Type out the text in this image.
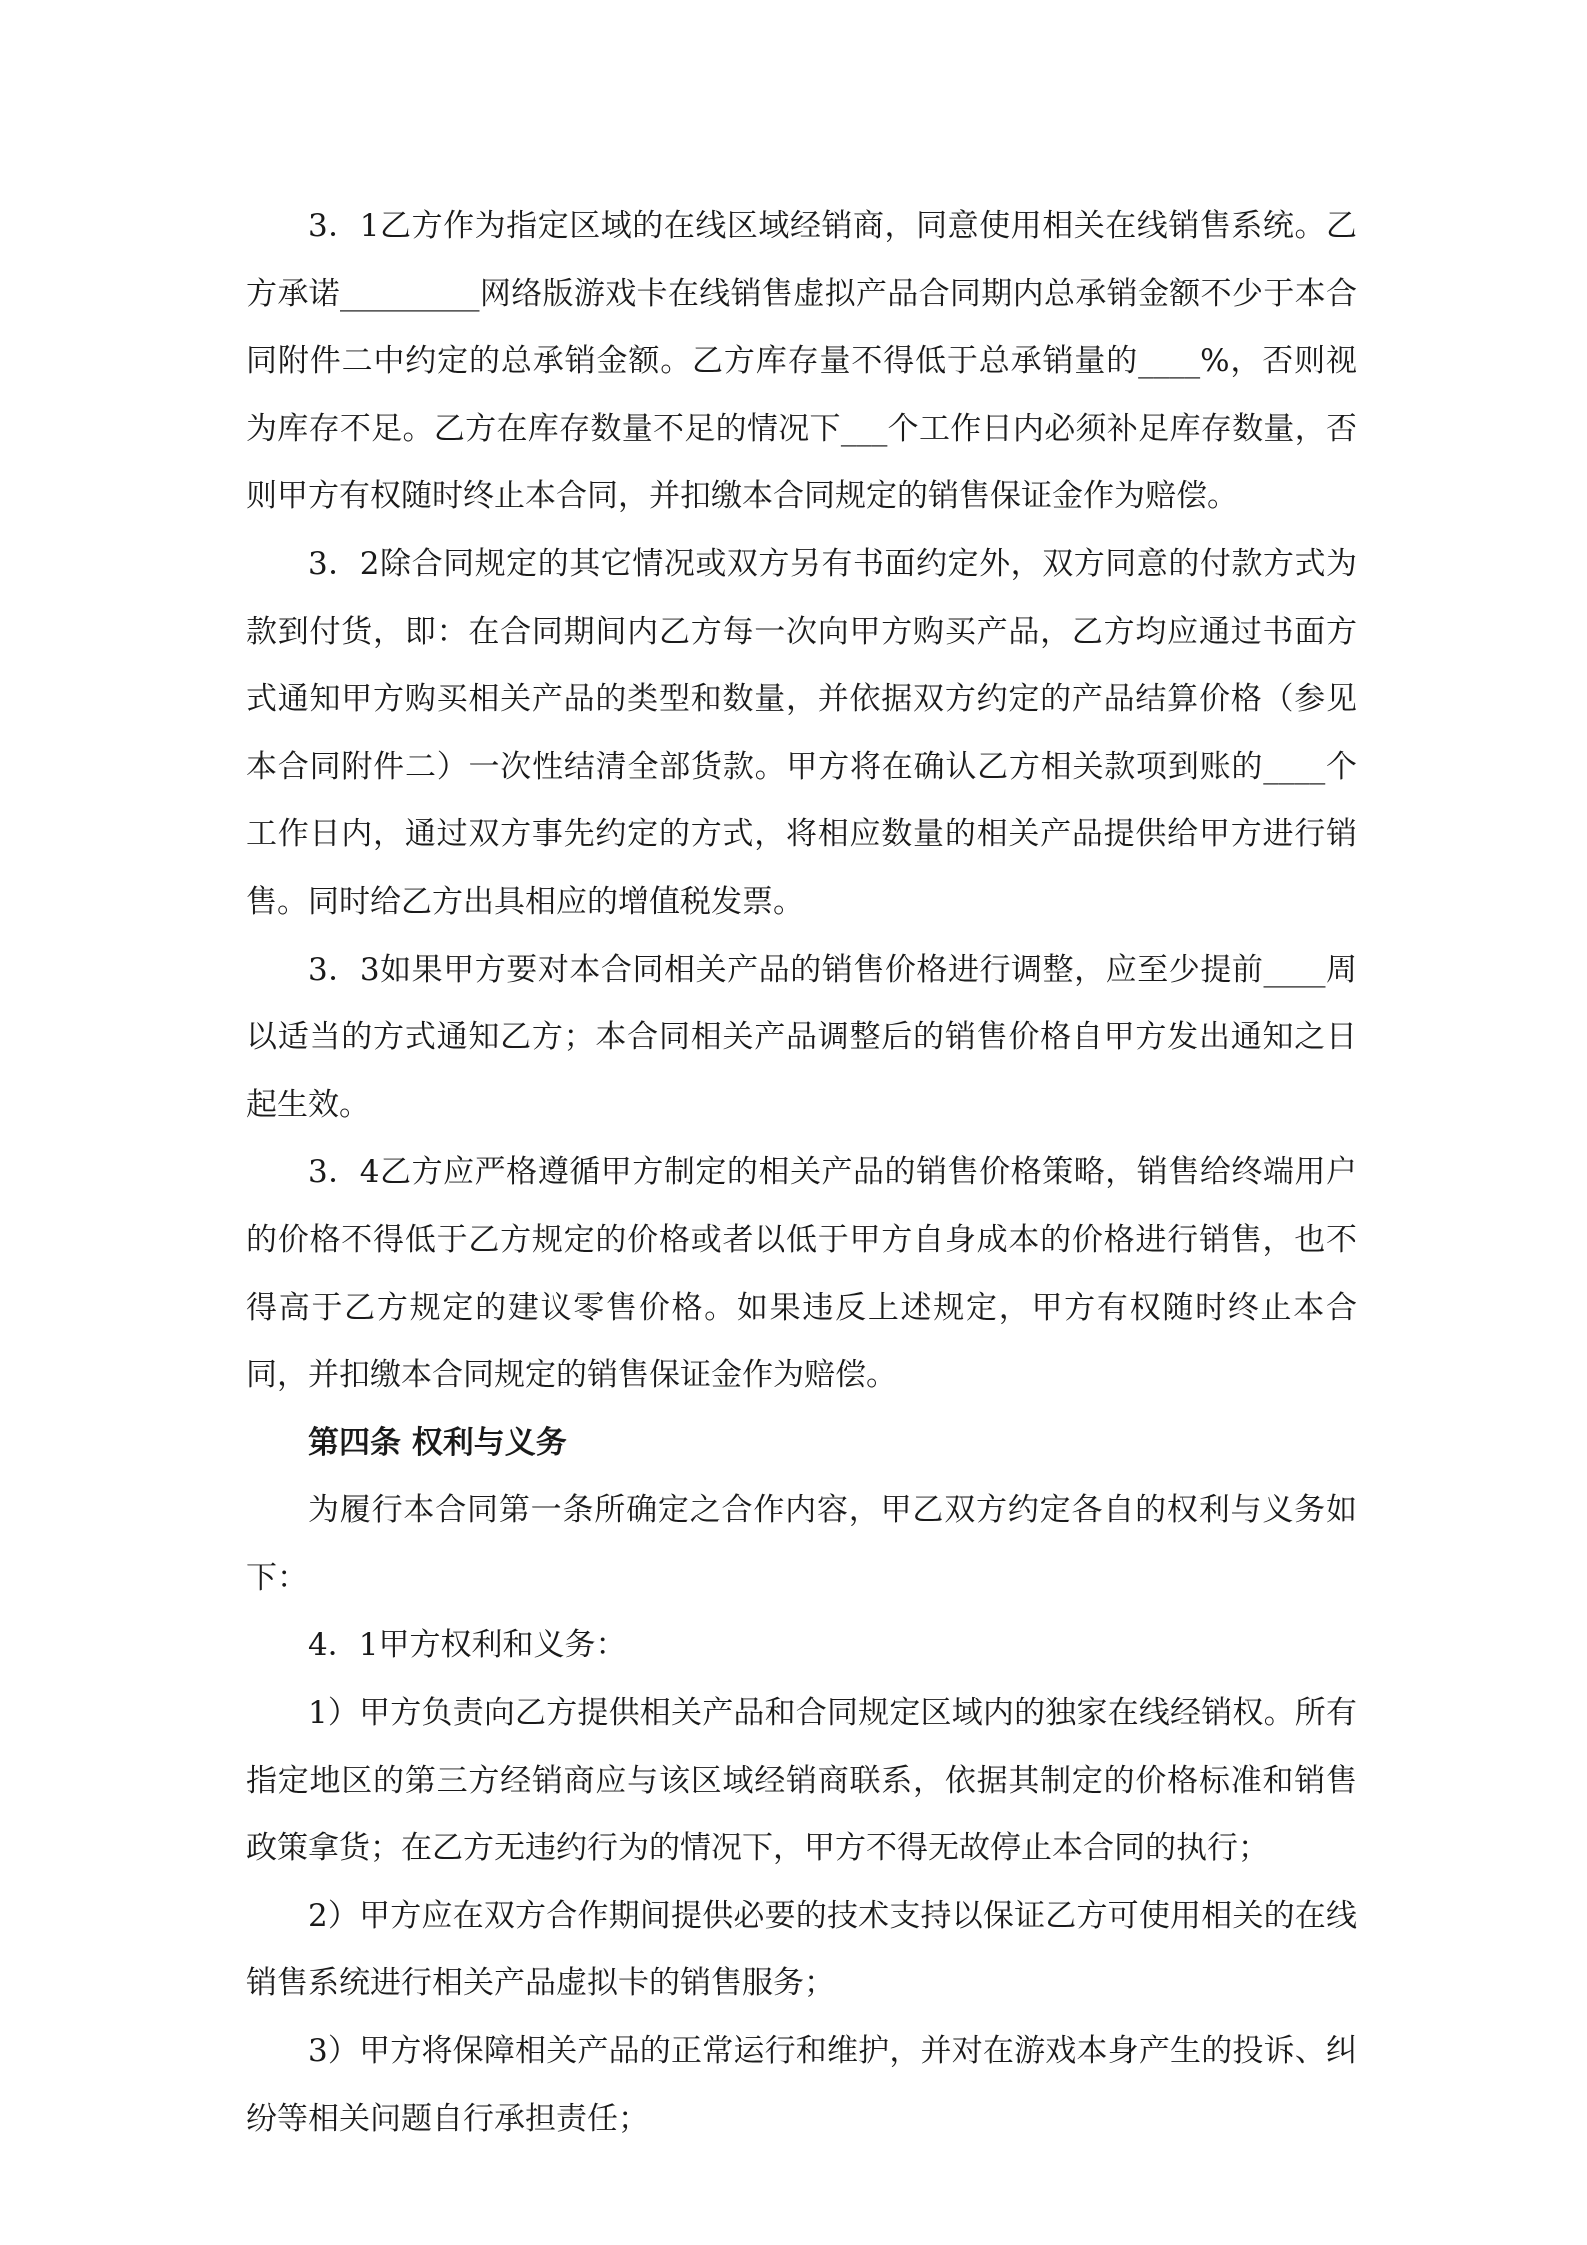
3．1乙方作为指定区域的在线区域经销商，同意使用相关在线销售系统。乙方承诺_________网络版游戏卡在线销售虚拟产品合同期内总承销金额不少于本合同附件二中约定的总承销金额。乙方库存量不得低于总承销量的____%，否则视为库存不足。乙方在库存数量不足的情况下___个工作日内必须补足库存数量，否则甲方有权随时终止本合同，并扣缴本合同规定的销售保证金作为赔偿。

3．2除合同规定的其它情况或双方另有书面约定外，双方同意的付款方式为款到付货，即：在合同期间内乙方每一次向甲方购买产品，乙方均应通过书面方式通知甲方购买相关产品的类型和数量，并依据双方约定的产品结算价格（参见本合同附件二）一次性结清全部货款。甲方将在确认乙方相关款项到账的____个工作日内，通过双方事先约定的方式，将相应数量的相关产品提供给甲方进行销售。同时给乙方出具相应的增值税发票。

3．3如果甲方要对本合同相关产品的销售价格进行调整，应至少提前____周以适当的方式通知乙方；本合同相关产品调整后的销售价格自甲方发出通知之日起生效。

3．4乙方应严格遵循甲方制定的相关产品的销售价格策略，销售给终端用户的价格不得低于乙方规定的价格或者以低于甲方自身成本的价格进行销售，也不得高于乙方规定的建议零售价格。如果违反上述规定，甲方有权随时终止本合同，并扣缴本合同规定的销售保证金作为赔偿。

第四条 权利与义务

为履行本合同第一条所确定之合作内容，甲乙双方约定各自的权利与义务如下：

4．1甲方权利和义务：

1）甲方负责向乙方提供相关产品和合同规定区域内的独家在线经销权。所有指定地区的第三方经销商应与该区域经销商联系，依据其制定的价格标准和销售政策拿货；在乙方无违约行为的情况下，甲方不得无故停止本合同的执行；

2）甲方应在双方合作期间提供必要的技术支持以保证乙方可使用相关的在线销售系统进行相关产品虚拟卡的销售服务；

3）甲方将保障相关产品的正常运行和维护，并对在游戏本身产生的投诉、纠纷等相关问题自行承担责任；
